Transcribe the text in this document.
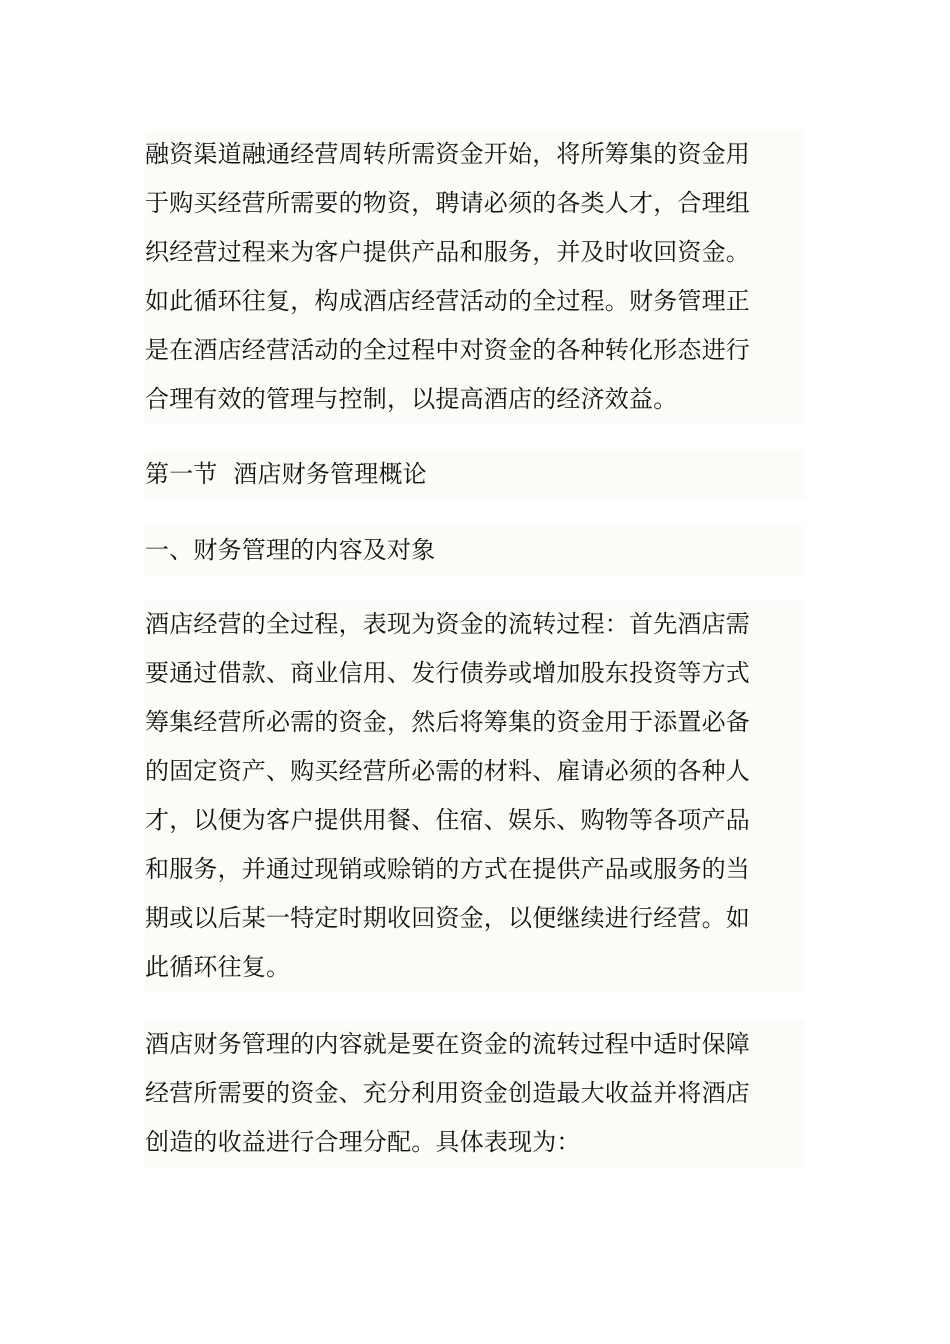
融资渠道融通经营周转所需资金开始，将所筹集的资金用
于购买经营所需要的物资，聘请必须的各类人才，合理组
织经营过程来为客户提供产品和服务，并及时收回资金。
如此循环往复，构成酒店经营活动的全过程。财务管理正
是在酒店经营活动的全过程中对资金的各种转化形态进行
合理有效的管理与控制，以提高酒店的经济效益。
第一节  酒店财务管理概论
一、财务管理的内容及对象
酒店经营的全过程，表现为资金的流转过程：首先酒店需
要通过借款、商业信用、发行债券或增加股东投资等方式
筹集经营所必需的资金，然后将筹集的资金用于添置必备
的固定资产、购买经营所必需的材料、雇请必须的各种人
才，以便为客户提供用餐、住宿、娱乐、购物等各项产品
和服务，并通过现销或赊销的方式在提供产品或服务的当
期或以后某一特定时期收回资金，以便继续进行经营。如
此循环往复。
酒店财务管理的内容就是要在资金的流转过程中适时保障
经营所需要的资金、充分利用资金创造最大收益并将酒店
创造的收益进行合理分配。具体表现为：
